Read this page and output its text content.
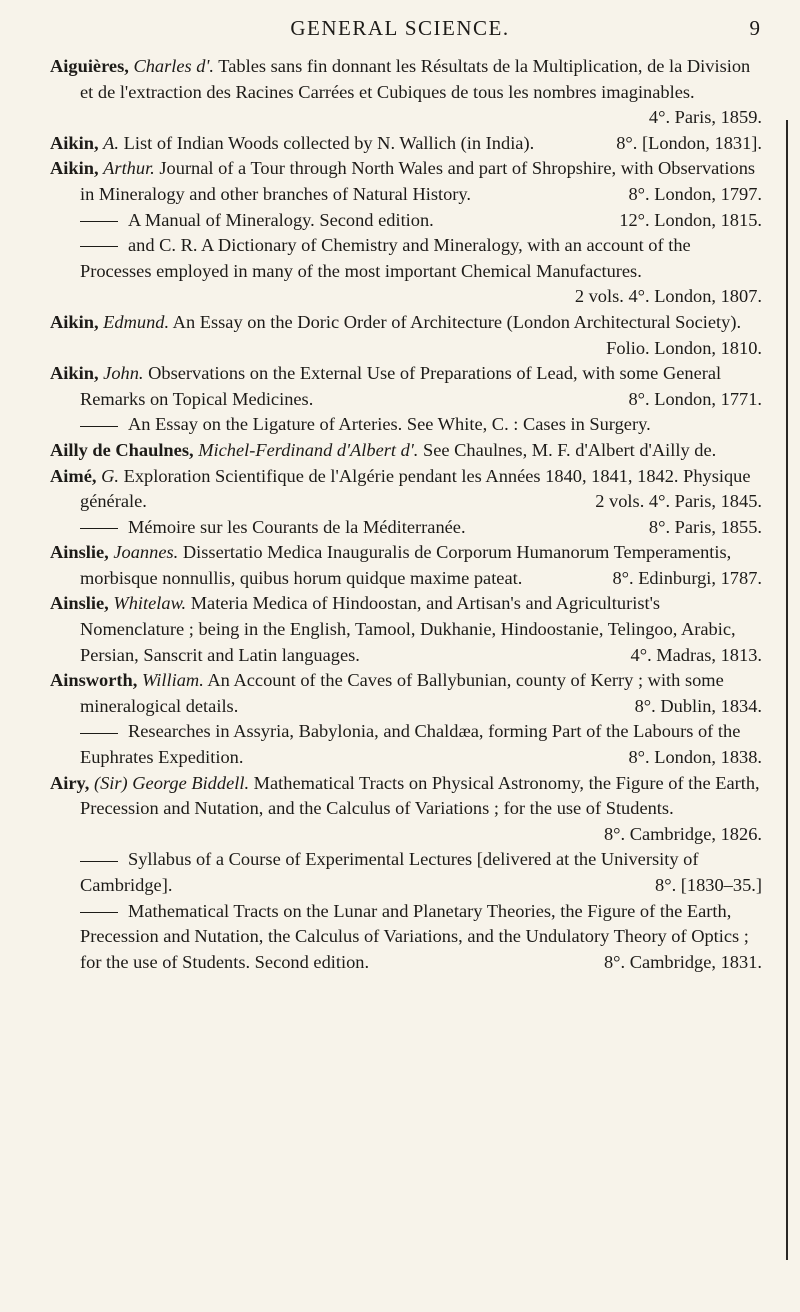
GENERAL SCIENCE.	9
Aiguières, Charles d'. Tables sans fin donnant les Résultats de la Multiplication, de la Division et de l'extraction des Racines Carrées et Cubiques de tous les nombres imaginables.
4°. Paris, 1859.
Aikin, A. List of Indian Woods collected by N. Wallich (in India).	8°. [London, 1831].
Aikin, Arthur. Journal of a Tour through North Wales and part of Shropshire, with Observations in Mineralogy and other branches of Natural History.	8°. London, 1797.
A Manual of Mineralogy. Second edition.	12°. London, 1815.
and C. R. A Dictionary of Chemistry and Mineralogy, with an account of the Processes employed in many of the most important Chemical Manufactures.
2 vols. 4°. London, 1807.
Aikin, Edmund. An Essay on the Doric Order of Architecture (London Architectural Society).
Folio. London, 1810.
Aikin, John. Observations on the External Use of Preparations of Lead, with some General Remarks on Topical Medicines.	8°. London, 1771.
An Essay on the Ligature of Arteries. See White, C. : Cases in Surgery.
Ailly de Chaulnes, Michel-Ferdinand d'Albert d'. See Chaulnes, M. F. d'Albert d'Ailly de.
Aimé, G. Exploration Scientifique de l'Algérie pendant les Années 1840, 1841, 1842. Physique générale.	2 vols. 4°. Paris, 1845.
Mémoire sur les Courants de la Méditerranée.	8°. Paris, 1855.
Ainslie, Joannes. Dissertatio Medica Inauguralis de Corporum Humanorum Temperamentis, morbisque nonnullis, quibus horum quidque maxime pateat.	8°. Edinburgi, 1787.
Ainslie, Whitelaw. Materia Medica of Hindoostan, and Artisan's and Agriculturist's Nomenclature ; being in the English, Tamool, Dukhanie, Hindoostanie, Telingoo, Arabic, Persian, Sanscrit and Latin languages.	4°. Madras, 1813.
Ainsworth, William. An Account of the Caves of Ballybunian, county of Kerry ; with some mineralogical details.	8°. Dublin, 1834.
Researches in Assyria, Babylonia, and Chaldæa, forming Part of the Labours of the Euphrates Expedition.	8°. London, 1838.
Airy, (Sir) George Biddell. Mathematical Tracts on Physical Astronomy, the Figure of the Earth, Precession and Nutation, and the Calculus of Variations ; for the use of Students.
8°. Cambridge, 1826.
Syllabus of a Course of Experimental Lectures [delivered at the University of Cambridge].	8°. [1830–35.]
Mathematical Tracts on the Lunar and Planetary Theories, the Figure of the Earth, Precession and Nutation, the Calculus of Variations, and the Undulatory Theory of Optics ; for the use of Students. Second edition.	8°. Cambridge, 1831.
